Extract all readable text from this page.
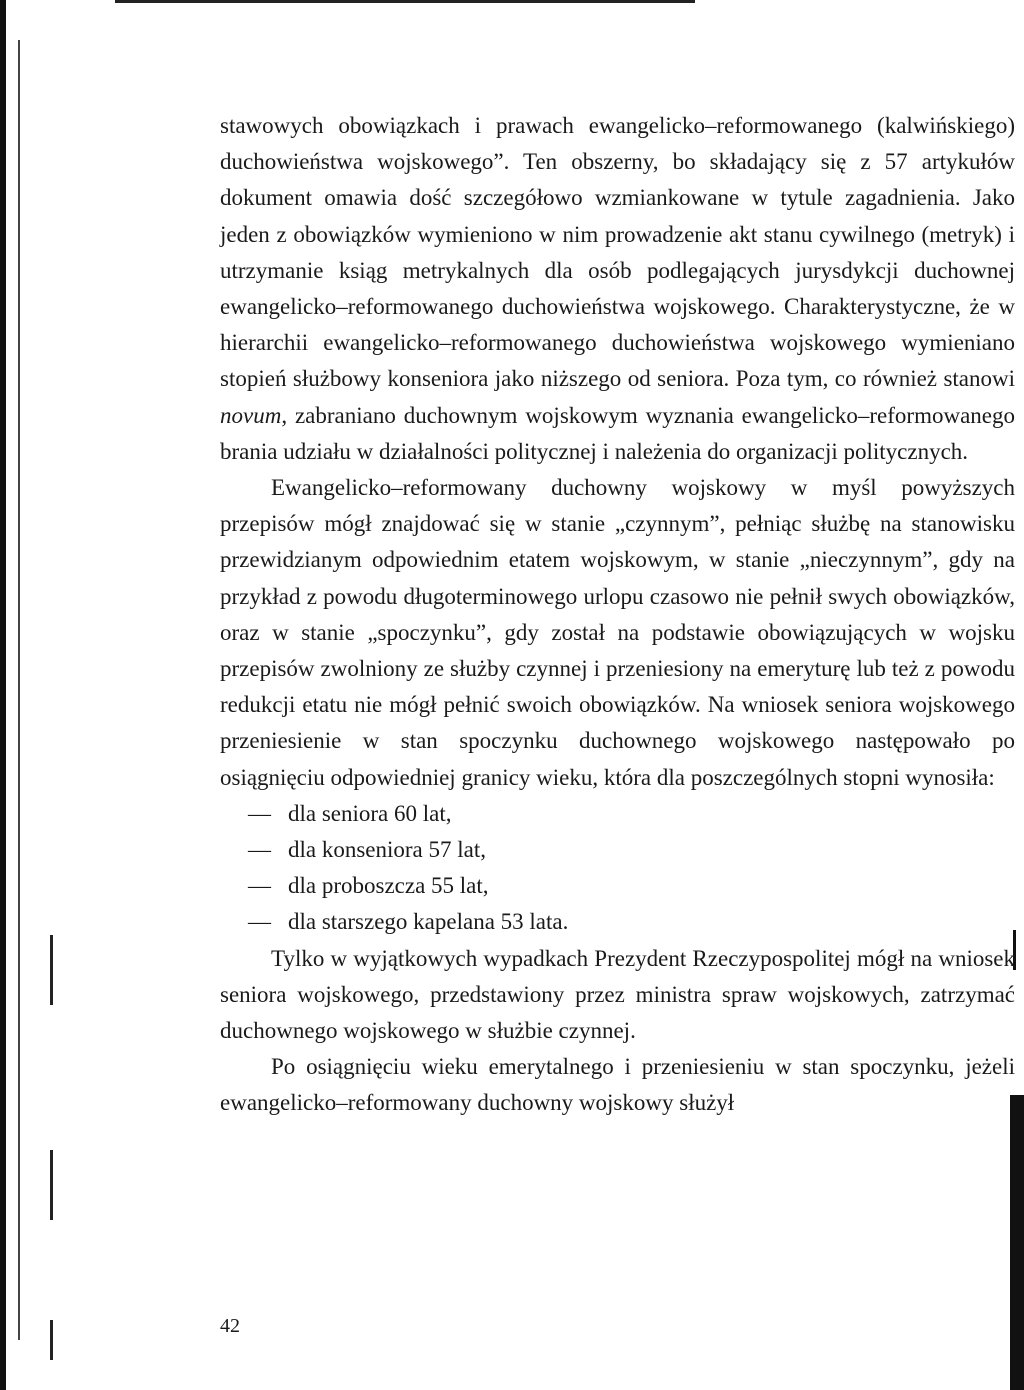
stawowych obowiązkach i prawach ewangelicko–reformowanego (kalwińskiego) duchowieństwa wojskowego”. Ten obszerny, bo składający się z 57 artykułów dokument omawia dość szczegółowo wzmiankowane w tytule zagadnienia. Jako jeden z obowiązków wymieniono w nim prowadzenie akt stanu cywilnego (metryk) i utrzymanie ksiąg metrykalnych dla osób podlegających jurysdykcji duchownej ewangelicko–reformowanego duchowieństwa wojskowego. Charakterystyczne, że w hierarchii ewangelicko–reformowanego duchowieństwa wojskowego wymieniano stopień służbowy konseniora jako niższego od seniora. Poza tym, co również stanowi novum, zabraniano duchownym wojskowym wyznania ewangelicko–reformowanego brania udziału w działalności politycznej i należenia do organizacji politycznych.

Ewangelicko–reformowany duchowny wojskowy w myśl powyższych przepisów mógł znajdować się w stanie „czynnym”, pełniąc służbę na stanowisku przewidzianym odpowiednim etatem wojskowym, w stanie „nieczynnym”, gdy na przykład z powodu długoterminowego urlopu czasowo nie pełnił swych obowiązków, oraz w stanie „spoczynku”, gdy został na podstawie obowiązujących w wojsku przepisów zwolniony ze służby czynnej i przeniesiony na emeryturę lub też z powodu redukcji etatu nie mógł pełnić swoich obowiązków. Na wniosek seniora wojskowego przeniesienie w stan spoczynku duchownego wojskowego następowało po osiągnięciu odpowiedniej granicy wieku, która dla poszczególnych stopni wynosiła:

— dla seniora 60 lat,
— dla konseniora 57 lat,
— dla proboszcza 55 lat,
— dla starszego kapelana 53 lata.

Tylko w wyjątkowych wypadkach Prezydent Rzeczypospolitej mógł na wniosek seniora wojskowego, przedstawiony przez ministra spraw wojskowych, zatrzymać duchownego wojskowego w służbie czynnej.

Po osiągnięciu wieku emerytalnego i przeniesieniu w stan spoczynku, jeżeli ewangelicko–reformowany duchowny wojskowy służył

42
